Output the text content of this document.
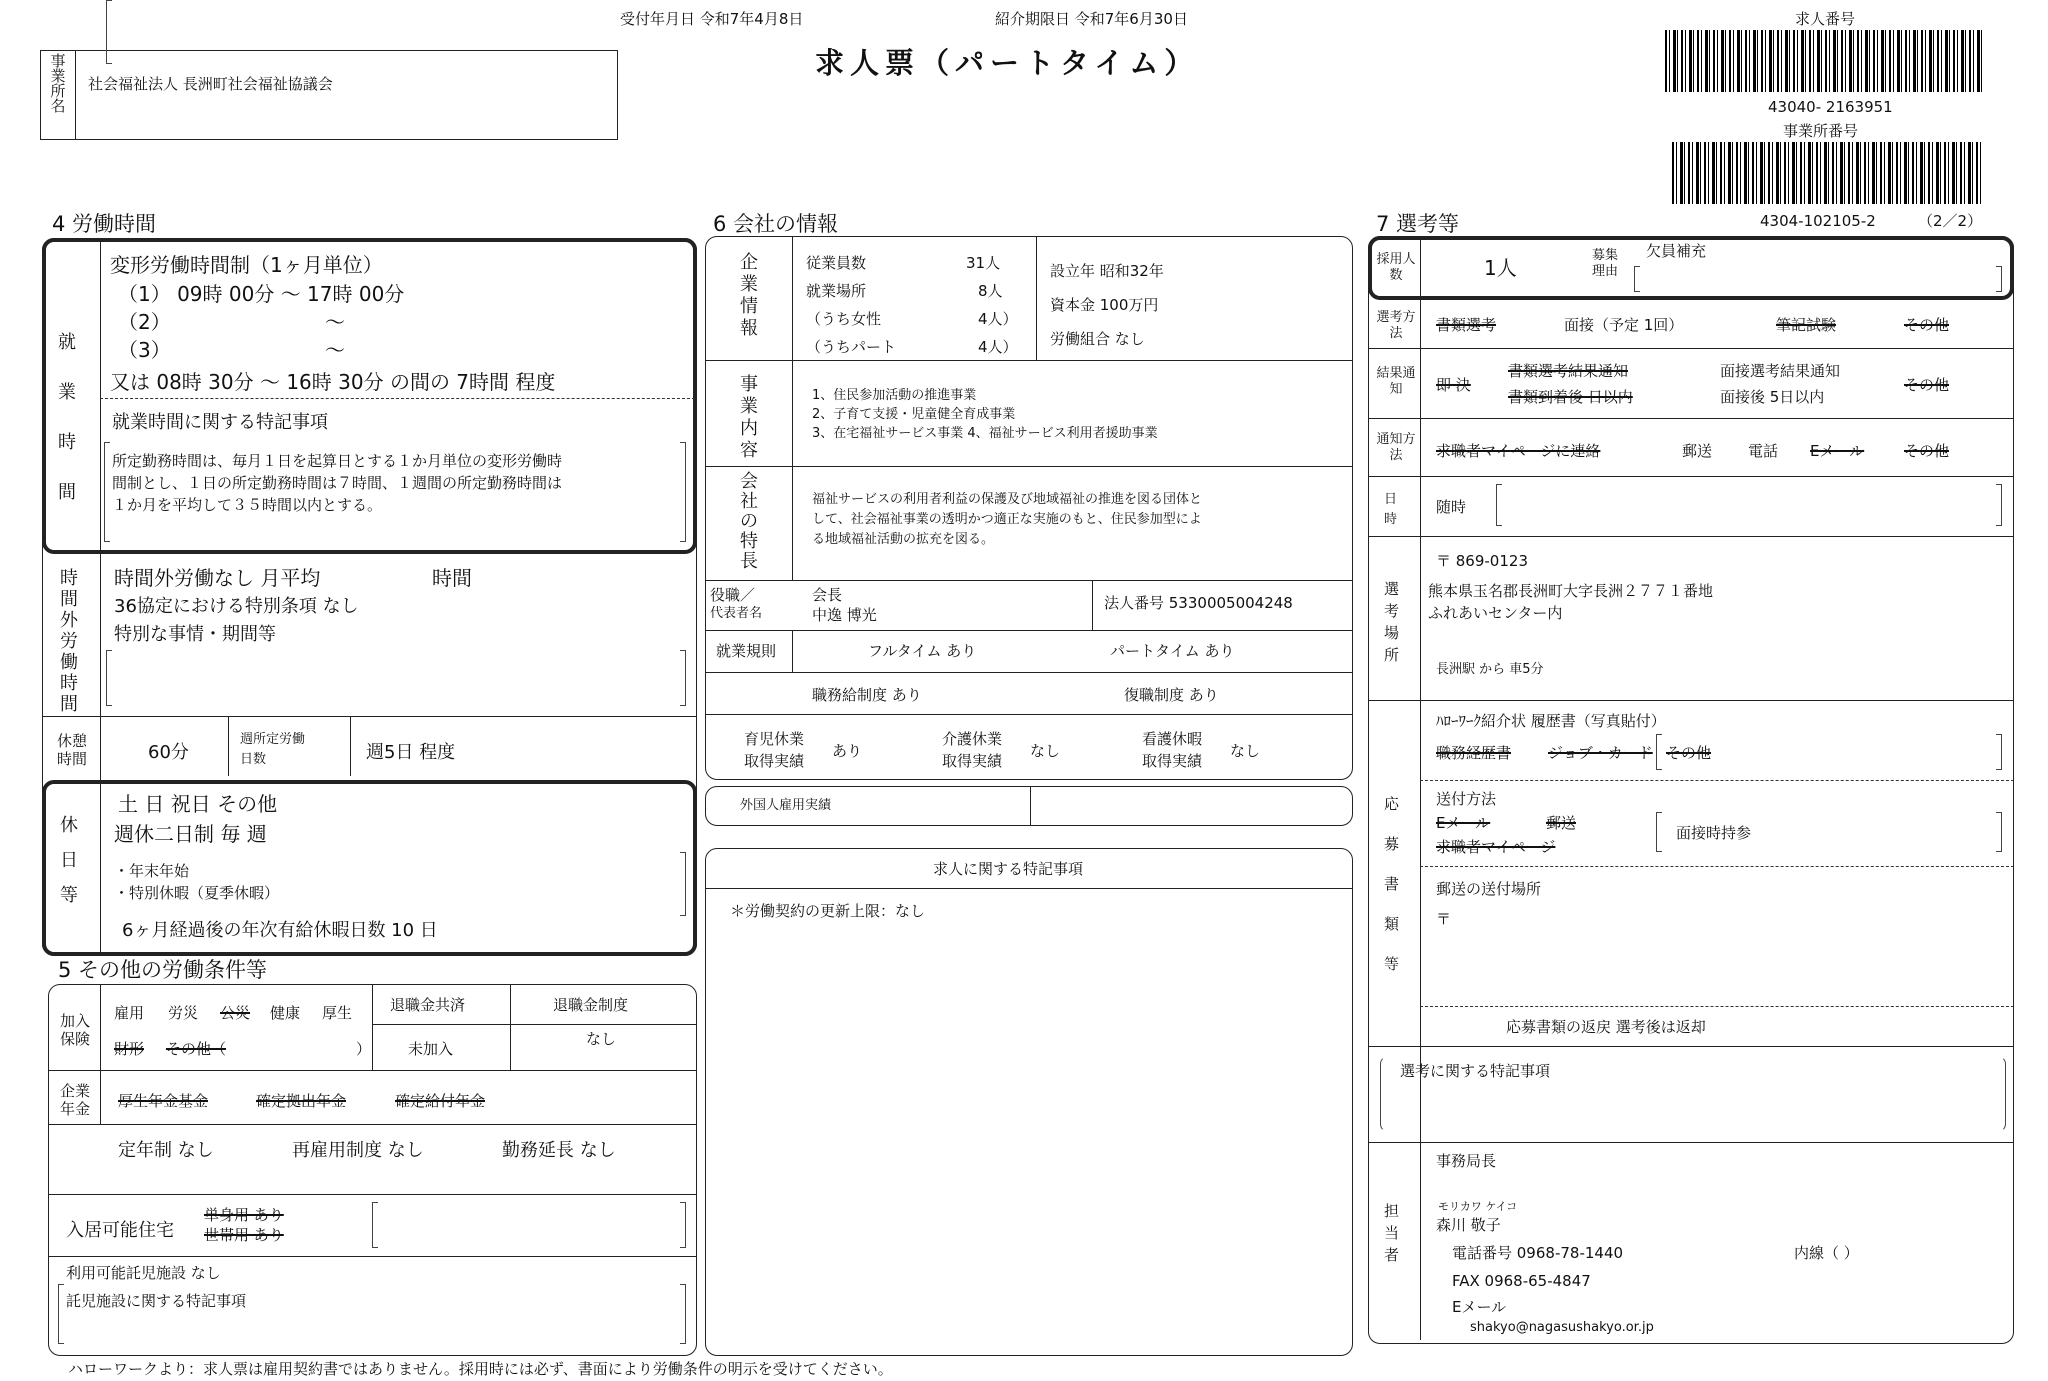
受付年月日 令和7年4月8日	紹介期限日 令和7年6月30日
求人票（パートタイム）
求人番号
43040- 2163951
事業所番号
4304-102105-2	（2／2）
事業所名
社会福祉法人 長洲町社会福祉協議会
4 労働時間
就業時間
変形労働時間制（1ヶ月単位）
（1） 09時 00分 ～ 17時 00分
（2）	～
（3）	～
又は 08時 30分 ～ 16時 30分 の間の 7時間 程度
就業時間に関する特記事項
所定勤務時間は、毎月１日を起算日とする１か月単位の変形労働時
間制とし、１日の所定勤務時間は７時間、１週間の所定勤務時間は
１か月を平均して３５時間以内とする。
時間外労働時間
時間外労働なし 月平均	時間
36協定における特別条項 なし
特別な事情・期間等
休憩時間	60分
週所定労働
日数	週5日 程度
休日等
土 日 祝日 その他
週休二日制 毎 週
・年末年始
・特別休暇（夏季休暇）
6ヶ月経過後の年次有給休暇日数 10 日
5 その他の労働条件等
加入保険
雇用 労災 公災 健康 厚生
財形 その他（	）
退職金共済
未加入
退職金制度
なし
企業年金	厚生年金基金	確定拠出年金	確定給付年金
定年制 なし	再雇用制度 なし	勤務延長 なし
入居可能住宅
単身用 あり
世帯用 あり
利用可能託児施設 なし
託児施設に関する特記事項
ハローワークより：求人票は雇用契約書ではありません。採用時には必ず、書面により労働条件の明示を受けてください。
6 会社の情報
企業情報
従業員数	31人
就業場所	8人
（うち女性	4人）
（うちパート	4人）
設立年 昭和32年
資本金 100万円
労働組合 なし
事業内容
1、住民参加活動の推進事業
2、子育て支援・児童健全育成事業
3、在宅福祉サービス事業 4、福祉サービス利用者援助事業
会社の特長
福祉サービスの利用者利益の保護及び地域福祉の推進を図る団体と
して、社会福祉事業の透明かつ適正な実施のもと、住民参加型によ
る地域福祉活動の拡充を図る。
役職／
代表者名
会長
中逸 博光
法人番号 5330005004248
就業規則	フルタイム あり	パートタイム あり
職務給制度 あり	復職制度 あり
育児休業
取得実績
あり
介護休業
取得実績
なし
看護休暇
取得実績
なし
外国人雇用実績
求人に関する特記事項
＊労働契約の更新上限：なし
7 選考等
採用人数	1人
募集理由
欠員補充
選考方法	書類選考	面接（予定 1回）	筆記試験	その他
結果通知	即 決
書類選考結果通知
書類到着後 日以内
面接選考結果通知
面接後 5日以内
その他
通知方法	求職者マイページに連絡	郵送 電話 Eメール	その他
日時
随時
選考場所
〒 869-0123
熊本県玉名郡長洲町大字長洲２７７１番地
ふれあいセンター内
長洲駅 から 車5分
応募書類等
ﾊﾛｰﾜｰｸ紹介状 履歴書（写真貼付）
職務経歴書 ジョブ・カード その他
送付方法
Eメール	郵送
求職者マイページ
面接時持参
郵送の送付場所
〒
応募書類の返戻 選考後は返却
選考に関する特記事項
担当者
事務局長
モリカワ ケイコ
森川 敬子
電話番号 0968-78-1440	内線（ ）
FAX 0968-65-4847
Eメール
shakyo@nagasushakyo.or.jp
